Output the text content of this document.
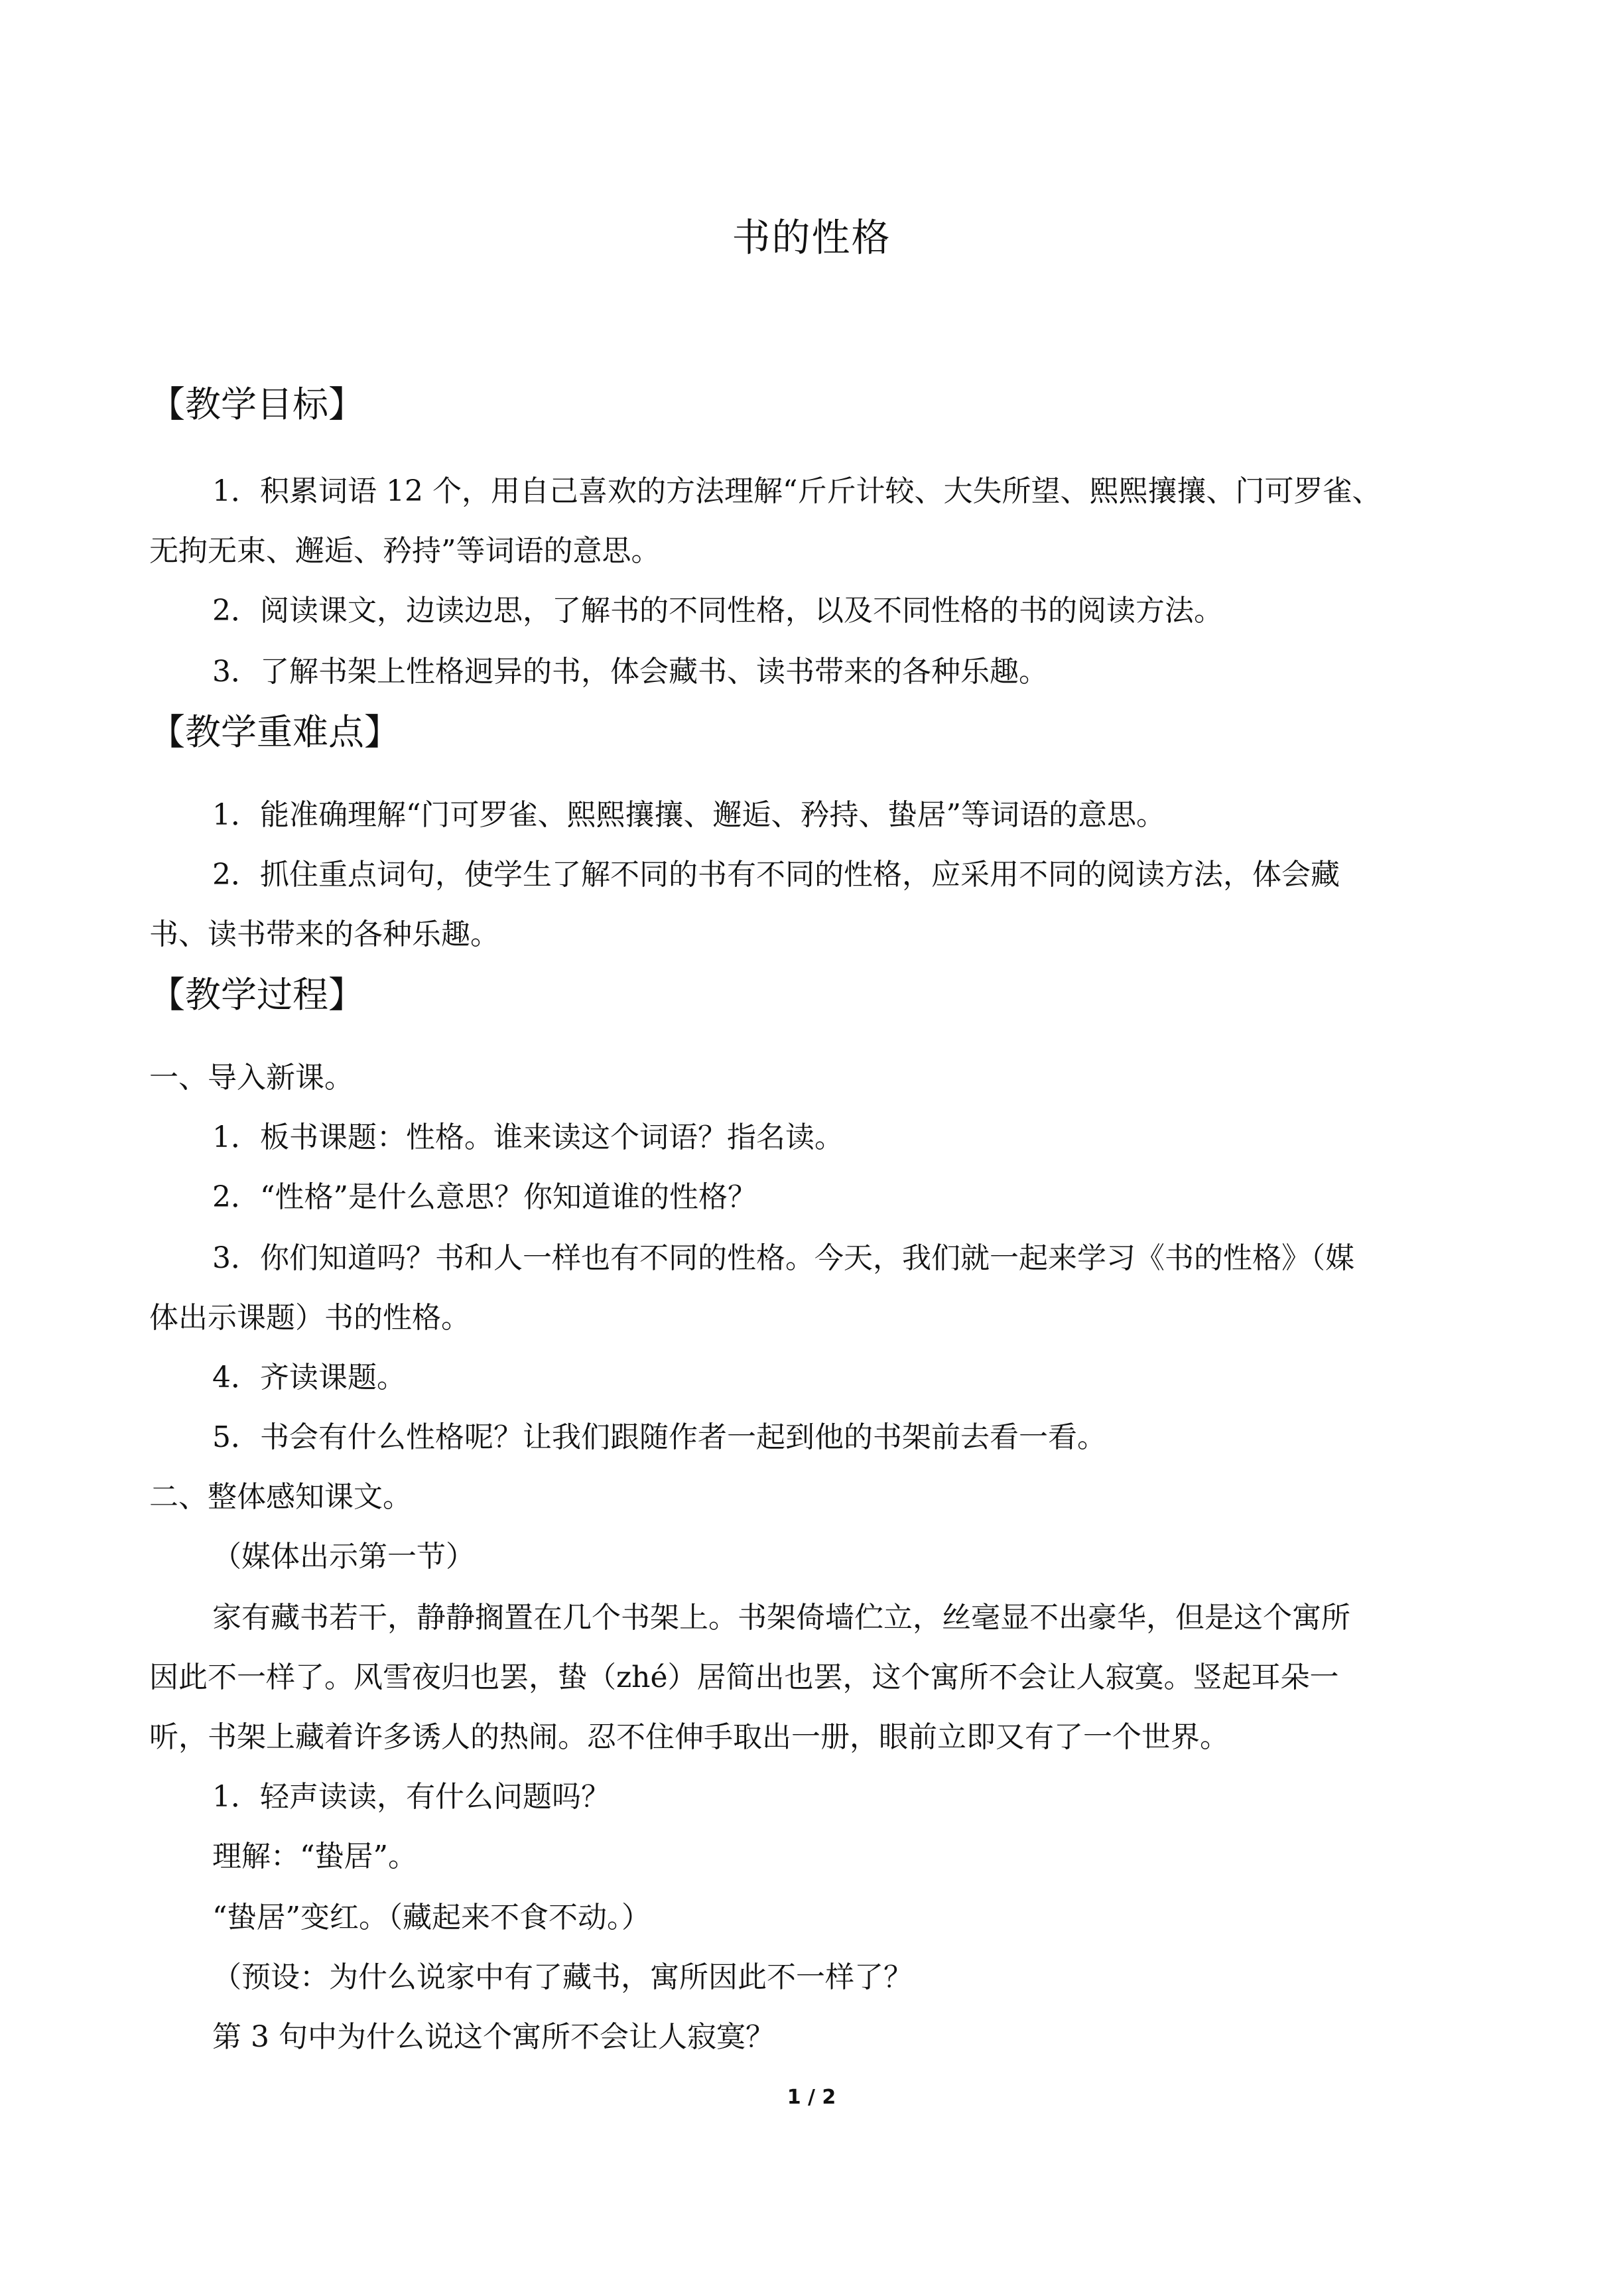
书的性格
【教学目标】
1．积累词语 12 个，用自己喜欢的方法理解“斤斤计较、大失所望、熙熙攘攘、门可罗雀、
无拘无束、邂逅、矜持”等词语的意思。
2．阅读课文，边读边思，了解书的不同性格，以及不同性格的书的阅读方法。
3．了解书架上性格迥异的书，体会藏书、读书带来的各种乐趣。
【教学重难点】
1．能准确理解“门可罗雀、熙熙攘攘、邂逅、矜持、蛰居”等词语的意思。
2．抓住重点词句，使学生了解不同的书有不同的性格，应采用不同的阅读方法，体会藏
书、读书带来的各种乐趣。
【教学过程】
一、导入新课。
1．板书课题：性格。谁来读这个词语？指名读。
2．“性格”是什么意思？你知道谁的性格？
3．你们知道吗？书和人一样也有不同的性格。今天，我们就一起来学习《书的性格》（媒
体出示课题）书的性格。
4．齐读课题。
5．书会有什么性格呢？让我们跟随作者一起到他的书架前去看一看。
二、整体感知课文。
（媒体出示第一节）
家有藏书若干，静静搁置在几个书架上。书架倚墙伫立，丝毫显不出豪华，但是这个寓所
因此不一样了。风雪夜归也罢，蛰（zhé）居简出也罢，这个寓所不会让人寂寞。竖起耳朵一
听，书架上藏着许多诱人的热闹。忍不住伸手取出一册，眼前立即又有了一个世界。
1．轻声读读，有什么问题吗？
理解：“蛰居”。
“蛰居”变红。（藏起来不食不动。）
（预设：为什么说家中有了藏书，寓所因此不一样了？
第 3 句中为什么说这个寓所不会让人寂寞？
1 / 2
